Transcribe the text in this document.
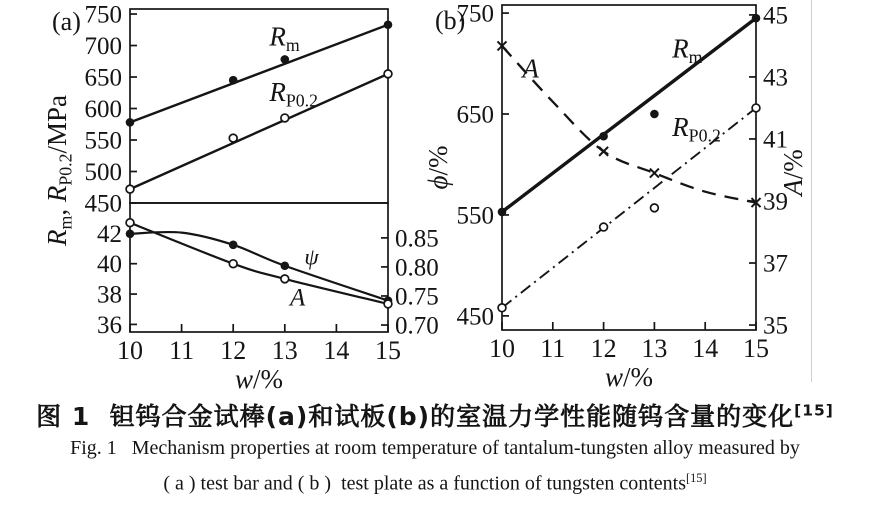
750
700
650
600
550
500
450
$R_m$
$R_{P0.2}$
42
40
38
36
0.85
0.80
0.75
0.70
ψ
A
10 11 12 13 14 15
w/%
$R_m$, $R_{P0.2}$/MPa
(a)	750
650
550
450
45
43
41
39
37
35
$R_m$
$R_{P0.2}$
A
10 11 12 13 14 15
w/%
ϕ/%
A/%
(b)
图 1  钽钨合金试棒(a)和试板(b)的室温力学性能随钨含量的变化[15]
Fig. 1   Mechanism properties at room temperature of tantalum-tungsten alloy measured by
( a ) test bar and ( b )  test plate as a function of tungsten contents[15]
